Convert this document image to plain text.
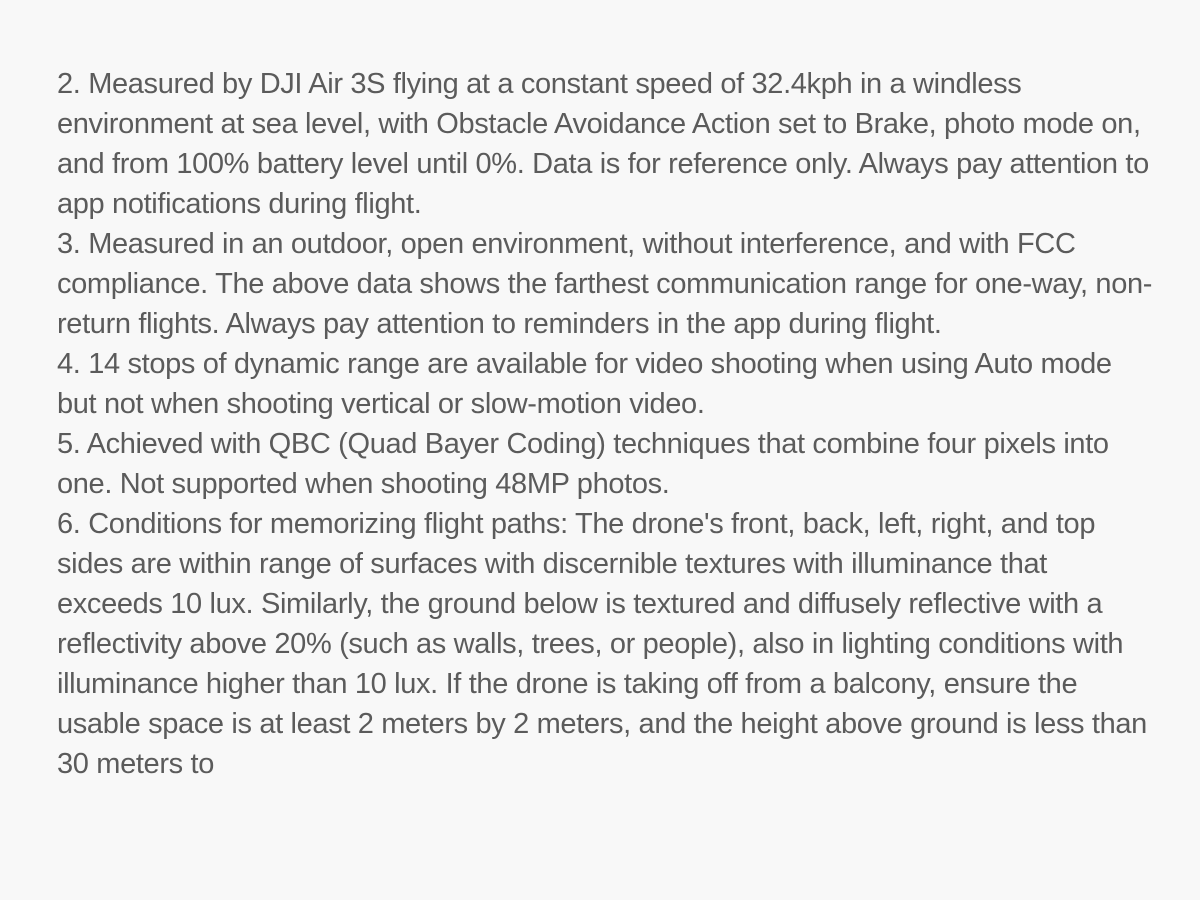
2. Measured by DJI Air 3S flying at a constant speed of 32.4kph in a windless environment at sea level, with Obstacle Avoidance Action set to Brake, photo mode on, and from 100% battery level until 0%. Data is for reference only. Always pay attention to app notifications during flight.

3. Measured in an outdoor, open environment, without interference, and with FCC compliance. The above data shows the farthest communication range for one-way, non-return flights. Always pay attention to reminders in the app during flight.

4. 14 stops of dynamic range are available for video shooting when using Auto mode but not when shooting vertical or slow-motion video.

5. Achieved with QBC (Quad Bayer Coding) techniques that combine four pixels into one. Not supported when shooting 48MP photos.

6. Conditions for memorizing flight paths: The drone's front, back, left, right, and top sides are within range of surfaces with discernible textures with illuminance that exceeds 10 lux. Similarly, the ground below is textured and diffusely reflective with a reflectivity above 20% (such as walls, trees, or people), also in lighting conditions with illuminance higher than 10 lux. If the drone is taking off from a balcony, ensure the usable space is at least 2 meters by 2 meters, and the height above ground is less than 30 meters to
